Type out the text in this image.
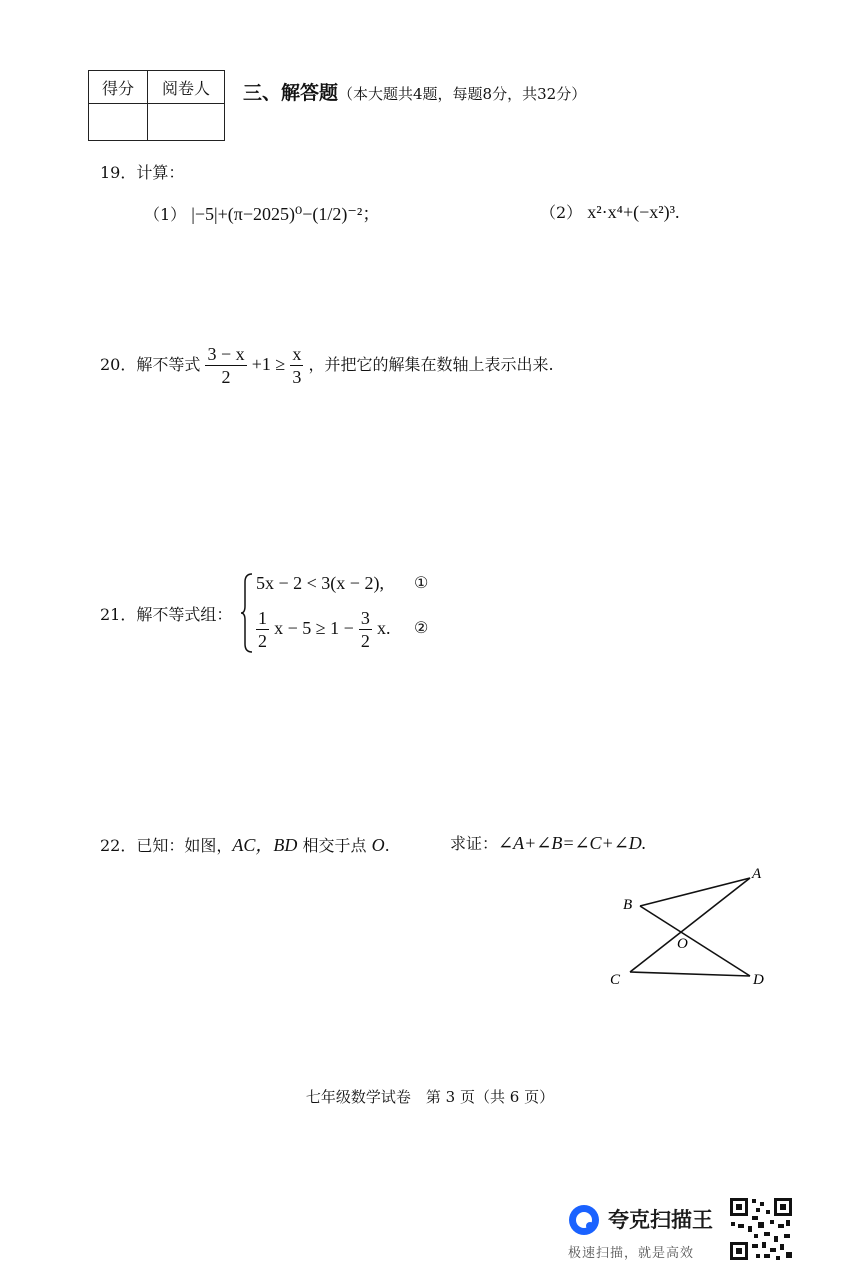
得分	阅卷人
	三、解答题（本大题共4题，每题8分，共32分）
19．计算：
（1） |−5|+(π−2025)⁰−(1/2)⁻²；	（2） x²·x⁴+(−x²)³.
20．解不等式 $\frac{3 - x}{2} +1 \ge \frac{x}{3}$ ，并把它的解集在数轴上表示出来.
21．解不等式组：
5x − 2 < 3(x − 2), ①
$\frac{1}{2}$ $x - 5 \ge 1 - \frac{3}{2} x$. ②
22．已知：如图，AC，BD 相交于点 O.	求证：∠A+∠B=∠C+∠D.
A
B
C	D
O
七年级数学试卷　第 3 页（共 6 页）
夸克扫描王
极速扫描，就是高效
